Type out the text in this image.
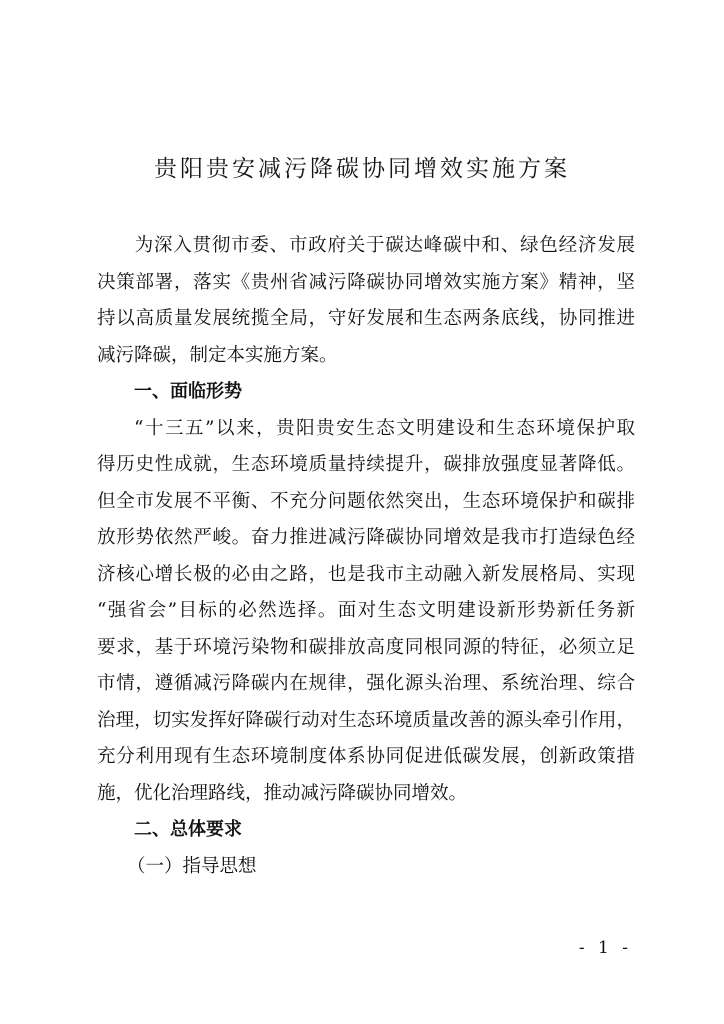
贵阳贵安减污降碳协同增效实施方案
为深入贯彻市委、市政府关于碳达峰碳中和、绿色经济发展
决策部署，落实《贵州省减污降碳协同增效实施方案》精神，坚
持以高质量发展统揽全局，守好发展和生态两条底线，协同推进
减污降碳，制定本实施方案。
一、面临形势
“十三五”以来，贵阳贵安生态文明建设和生态环境保护取
得历史性成就，生态环境质量持续提升，碳排放强度显著降低。
但全市发展不平衡、不充分问题依然突出，生态环境保护和碳排
放形势依然严峻。奋力推进减污降碳协同增效是我市打造绿色经
济核心增长极的必由之路，也是我市主动融入新发展格局、实现
“强省会”目标的必然选择。面对生态文明建设新形势新任务新
要求，基于环境污染物和碳排放高度同根同源的特征，必须立足
市情，遵循减污降碳内在规律，强化源头治理、系统治理、综合
治理，切实发挥好降碳行动对生态环境质量改善的源头牵引作用，
充分利用现有生态环境制度体系协同促进低碳发展，创新政策措
施，优化治理路线，推动减污降碳协同增效。
二、总体要求
（一）指导思想
- 1 -
